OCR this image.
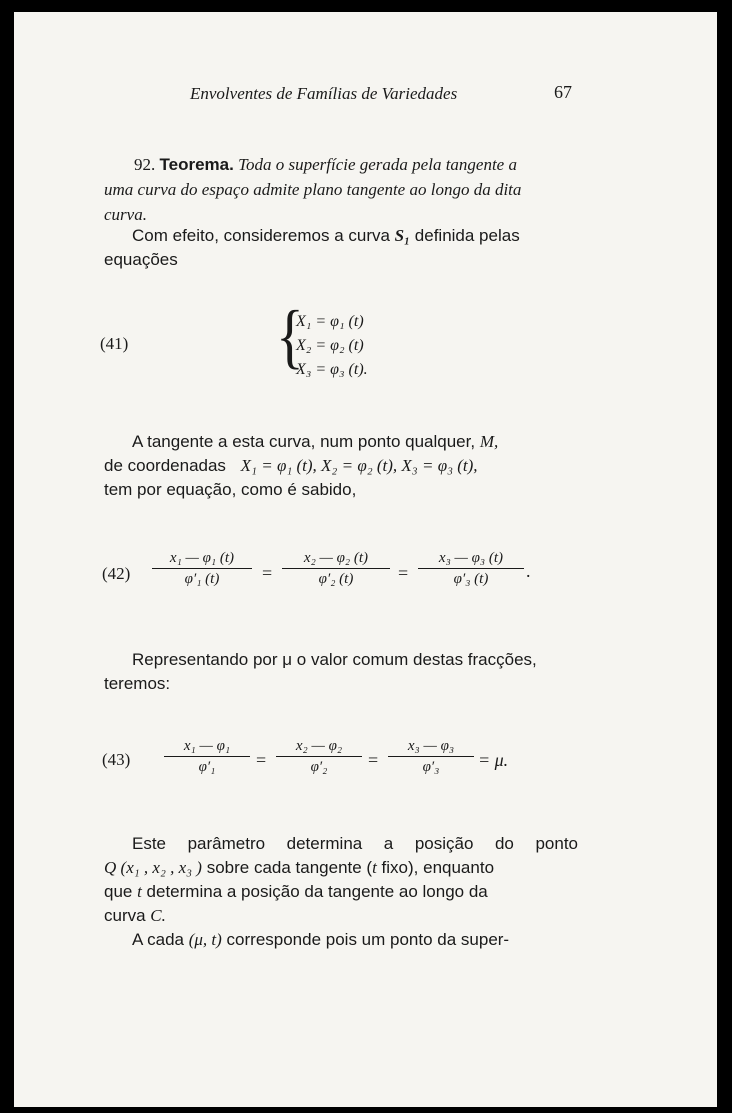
Envolventes de Famílias de Variedades	67
92. Teorema. Toda o superfície gerada pela tangente a
uma curva do espaço admite plano tangente ao longo da dita
curva.
Com efeito, consideremos a curva S₁ definida pelas
equações
(41)	{
X₁ = φ₁ (t)
X₂ = φ₂ (t)
X₃ = φ₃ (t).
A tangente a esta curva, num ponto qualquer, M,
de coordenadas X₁ = φ₁ (t), X₂ = φ₂ (t), X₃ = φ₃ (t),
tem por equação, como é sabido,
(42)
x₁ — φ₁ (t)
φ′₁ (t)	=
x₂ — φ₂ (t)
φ′₂ (t)	=
x₃ — φ₃ (t)
φ′₃ (t)	.
Representando por μ o valor comum destas fracções,
teremos:
(43)
x₁ — φ₁
φ′₁	=
x₂ — φ₂
φ′₂	=
x₃ — φ₃
φ′₃	= μ.
Este parâmetro determina a posição do ponto
Q (x₁ , x₂ , x₃ ) sobre cada tangente (t fixo), enquanto
que t determina a posição da tangente ao longo da
curva C.
A cada (μ, t) corresponde pois um ponto da super-
